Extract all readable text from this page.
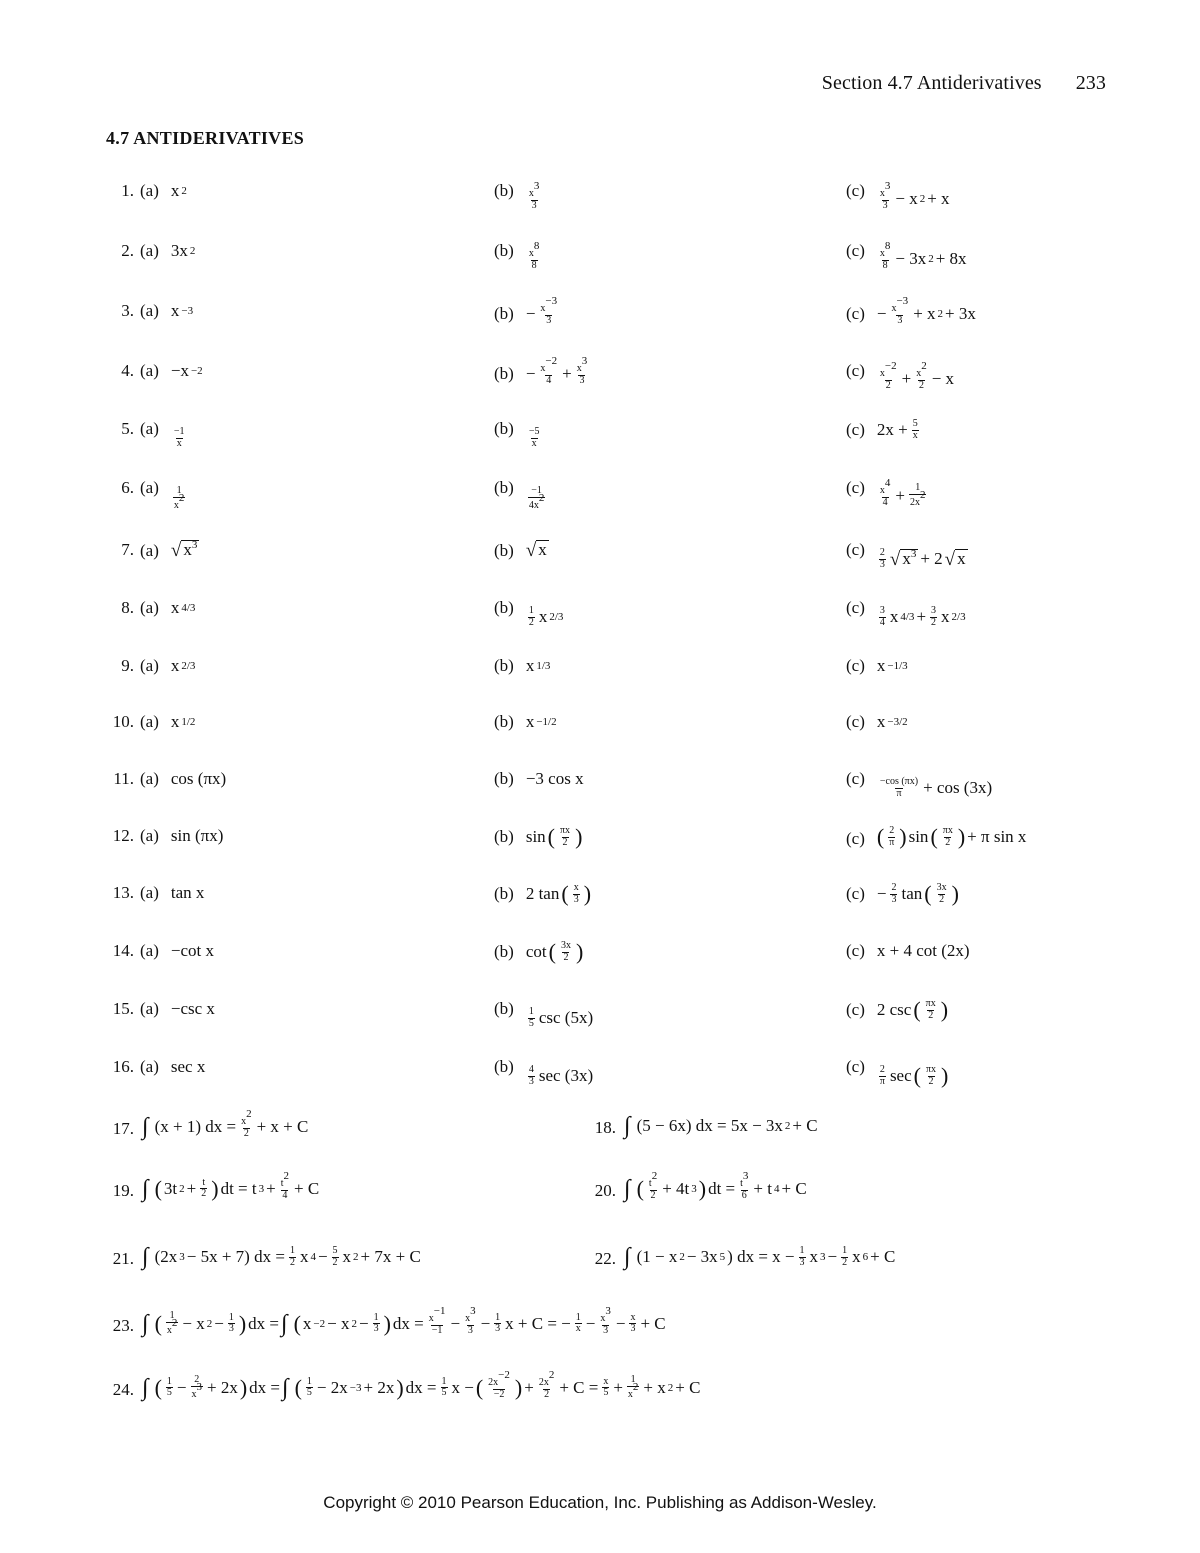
Section 4.7 Antiderivatives 233
4.7 ANTIDERIVATIVES
1. (a) x 2	$(b) \frac{x^3}{3}$	$(c) \frac{x^3}{3} - x$ 2 + x
2. (a) 3x 2	$(b) \frac{x^8}{8}$	$(c) \frac{x^8}{8} - 3x$ 2 + 8x
3. (a) x −3	$(b) - \frac{x^{-3}}{3}$	$(c) - \frac{x^{-3}}{3} + x$ 2 + 3x
4. (a) −x −2	$(b) - \frac{x^{-2}}{4} + \frac{x^3}{3}$	$(c) \frac{x^{-2}}{2} + \frac{x^2}{2} - x$
5. $(a) \frac{-1}{x}$	$(b) \frac{-5}{x}$	(c) $2x + \frac{5}{x}$
6. $(a) \frac{1}{x^2}$	$(b) \frac{-1}{4x^2}$	$(c) \frac{x^4}{4} + \frac{1}{2x^2}$
7. (a) √ $x^3$	(b) √ x	$(c) \frac{2}{3}$ √ $x^3 + 2$ √ x
8. (a) x 4/3	$(b) \frac{1}{2}$ x 2/3	$(c) \frac{3}{4}$ x $4/3 + \frac{3}{2}$ x 2/3
9. (a) x 2/3	(b) x 1/3	(c) x −1/3
10. (a) x 1/2	(b) x −1/2	(c) x −3/2
11. (a) cos (πx)	(b) −3 cos x	$(c) \frac{-\cos (\pi x)}{\pi} + \cos (3x)$
12. (a) sin (πx)	(b) sin ( $\frac{\pi x}{2}$ )	(c) ( $\frac{2}{\pi}$ ) sin ( $\frac{\pi x}{2}$ ) + π sin x
13. (a) tan x	(b) 2 tan ( $\frac{x}{3}$ )	$(c) - \frac{2}{3}$ tan ( $\frac{3x}{2}$ )
14. (a) −cot x	(b) cot ( $\frac{3x}{2}$ )	(c) x + 4 cot (2x)
15. (a) −csc x	$(b) \frac{1}{5}$ csc (5x)	(c) 2 csc ( $\frac{\pi x}{2}$ )
16. (a) sec x	$(b) \frac{4}{3}$ sec (3x)	$(c) \frac{2}{\pi}$ sec ( $\frac{\pi x}{2}$ )
17. ∫ (x + 1) dx = $\frac{x^2}{2} + x + C$	18. ∫ (5 − 6x) dx = 5x − 3x 2 + C
19. ∫ ( 3t $2 + \frac{t}{2}$ ) dt = t $3 + \frac{t^2}{4} + C$	20. ∫ ( $\frac{t^2}{2} + 4t$ 3 ) dt = $\frac{t^3}{6} + t$ 4 + C
21. ∫ (2x 3 − 5x + 7) dx = $\frac{1}{2}$ x $4 - \frac{5}{2}$ x 2 + 7x + C	22. ∫ (1 − x 2 − 3x 5 ) dx = $x - \frac{1}{3}$ x $3 - \frac{1}{2}$ x 6 + C
23. ∫ ( $\frac{1}{x^2} - x$ $2 - \frac{1}{3}$ ) dx = ∫ ( x −2 − x $2 - \frac{1}{3}$ ) dx = $\frac{x^{-1}}{-1} - \frac{x^3}{3} - \frac{1}{3}$ x + C = − $\frac{1}{x} - \frac{x^3}{3} - \frac{x}{3} + C$
24. ∫ ( $\frac{1}{5} - \frac{2}{x^3} + 2x$ ) dx = ∫ ( $\frac{1}{5} - 2x -3 + 2x$ ) dx = $\frac{1}{5}$ x − ( $\frac{2x^{-2}}{-2}$ ) + $\frac{2x^2}{2} + C = \frac{x}{5} + \frac{1}{x^2} + x$ 2 + C
Copyright © 2010 Pearson Education, Inc. Publishing as Addison-Wesley.
